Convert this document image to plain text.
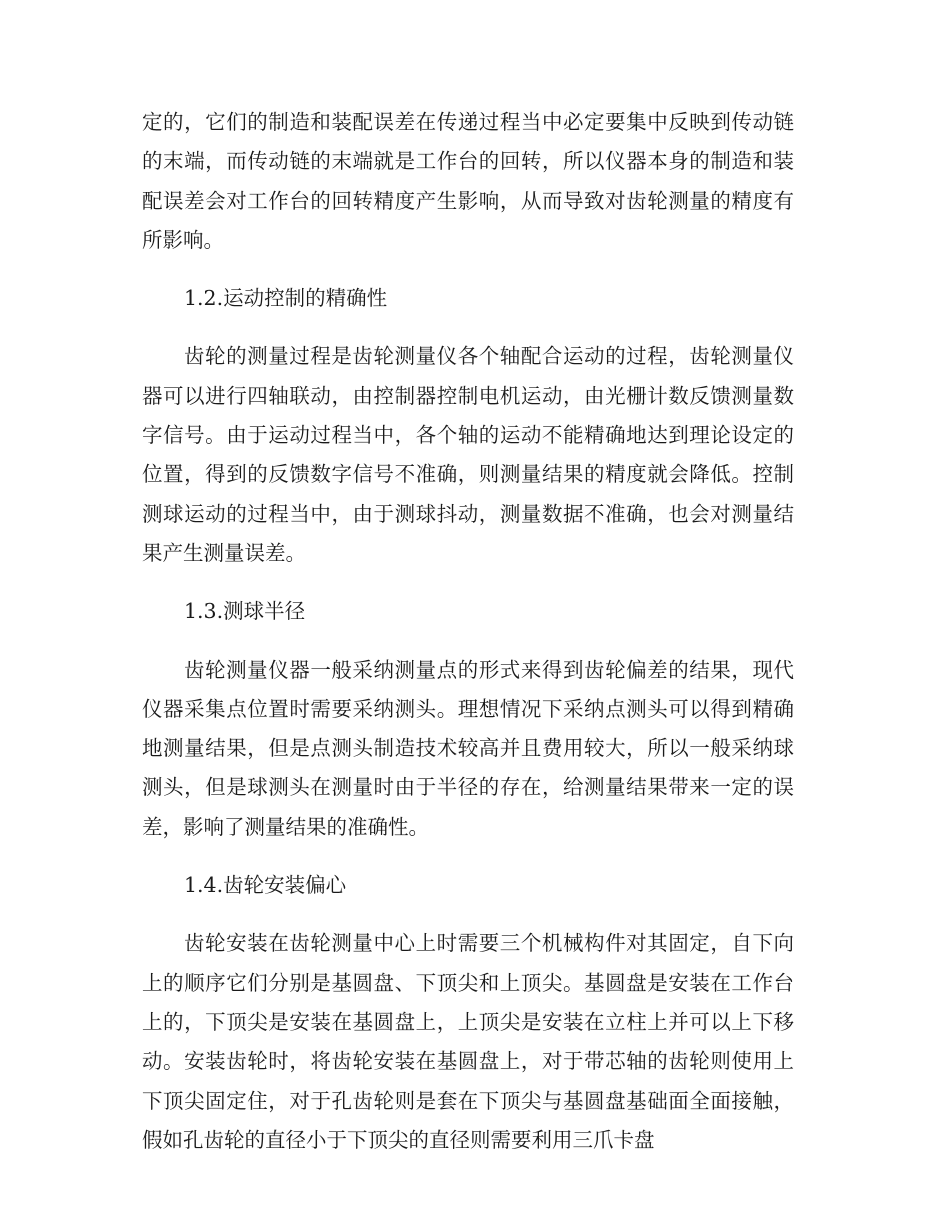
定的，它们的制造和装配误差在传递过程当中必定要集中反映到传动链的末端，而传动链的末端就是工作台的回转，所以仪器本身的制造和装配误差会对工作台的回转精度产生影响，从而导致对齿轮测量的精度有所影响。

1.2.运动控制的精确性

齿轮的测量过程是齿轮测量仪各个轴配合运动的过程，齿轮测量仪器可以进行四轴联动，由控制器控制电机运动，由光栅计数反馈测量数字信号。由于运动过程当中，各个轴的运动不能精确地达到理论设定的位置，得到的反馈数字信号不准确，则测量结果的精度就会降低。控制测球运动的过程当中，由于测球抖动，测量数据不准确，也会对测量结果产生测量误差。

1.3.测球半径

齿轮测量仪器一般采纳测量点的形式来得到齿轮偏差的结果，现代仪器采集点位置时需要采纳测头。理想情况下采纳点测头可以得到精确地测量结果，但是点测头制造技术较高并且费用较大，所以一般采纳球测头，但是球测头在测量时由于半径的存在，给测量结果带来一定的误差，影响了测量结果的准确性。

1.4.齿轮安装偏心

齿轮安装在齿轮测量中心上时需要三个机械构件对其固定，自下向上的顺序它们分别是基圆盘、下顶尖和上顶尖。基圆盘是安装在工作台上的，下顶尖是安装在基圆盘上，上顶尖是安装在立柱上并可以上下移动。安装齿轮时，将齿轮安装在基圆盘上，对于带芯轴的齿轮则使用上下顶尖固定住，对于孔齿轮则是套在下顶尖与基圆盘基础面全面接触，假如孔齿轮的直径小于下顶尖的直径则需要利用三爪卡盘
